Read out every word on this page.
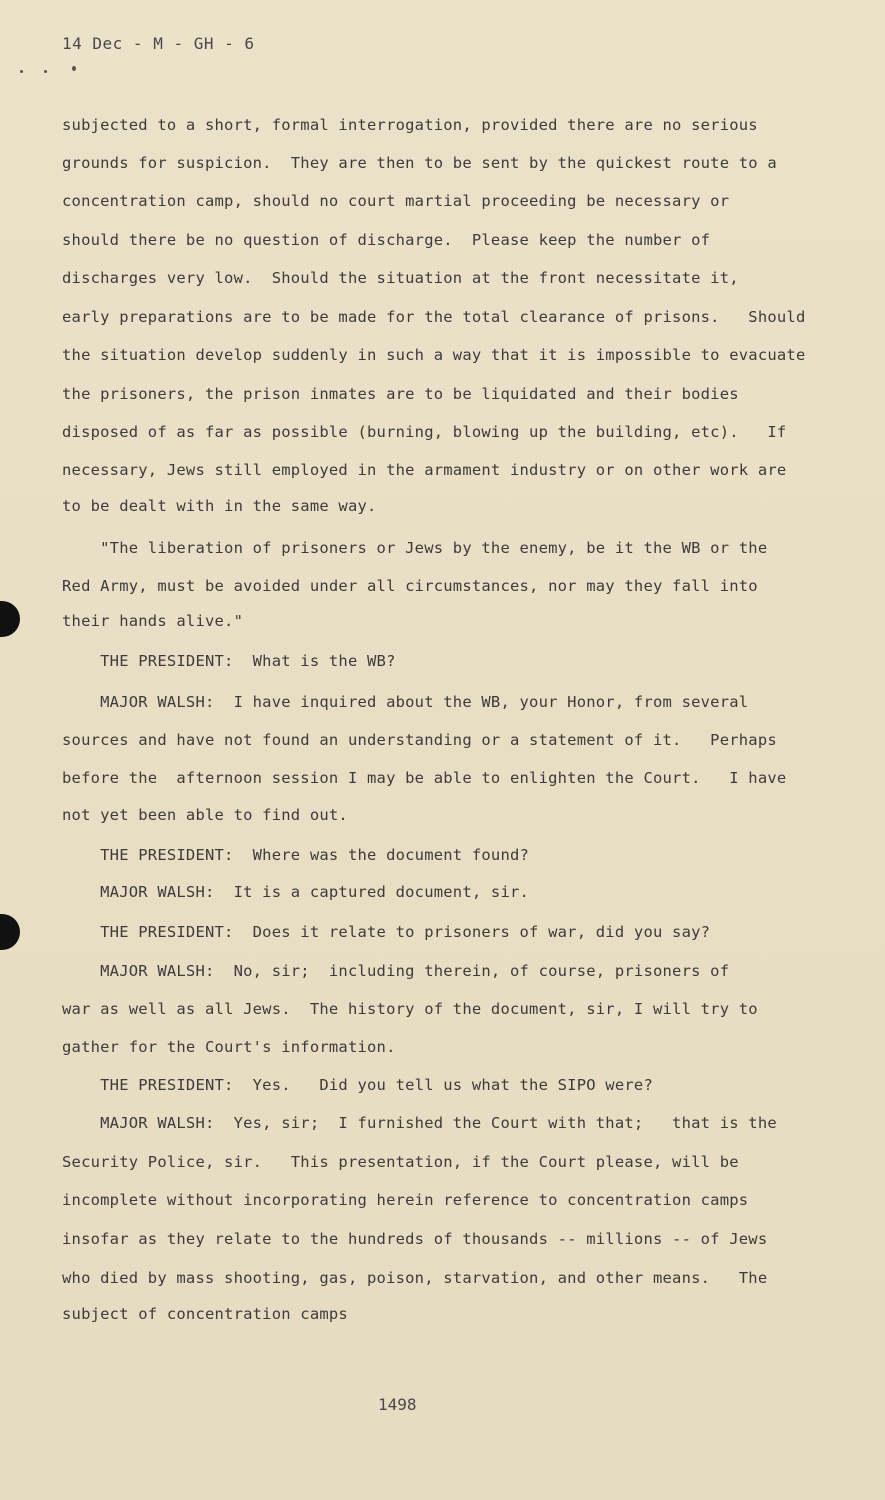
14 Dec - M - GH - 6
subjected to a short, formal interrogation, provided there are no serious
grounds for suspicion.  They are then to be sent by the quickest route to a
concentration camp, should no court martial proceeding be necessary or
should there be no question of discharge.  Please keep the number of
discharges very low.  Should the situation at the front necessitate it,
early preparations are to be made for the total clearance of prisons.   Should
the situation develop suddenly in such a way that it is impossible to evacuate
the prisoners, the prison inmates are to be liquidated and their bodies
disposed of as far as possible (burning, blowing up the building, etc).   If
necessary, Jews still employed in the armament industry or on other work are
to be dealt with in the same way.
"The liberation of prisoners or Jews by the enemy, be it the WB or the
Red Army, must be avoided under all circumstances, nor may they fall into
their hands alive."
THE PRESIDENT:  What is the WB?
MAJOR WALSH:  I have inquired about the WB, your Honor, from several
sources and have not found an understanding or a statement of it.   Perhaps
before the  afternoon session I may be able to enlighten the Court.   I have
not yet been able to find out.
THE PRESIDENT:  Where was the document found?
MAJOR WALSH:  It is a captured document, sir.
THE PRESIDENT:  Does it relate to prisoners of war, did you say?
MAJOR WALSH:  No, sir;  including therein, of course, prisoners of
war as well as all Jews.  The history of the document, sir, I will try to
gather for the Court's information.
THE PRESIDENT:  Yes.   Did you tell us what the SIPO were?
MAJOR WALSH:  Yes, sir;  I furnished the Court with that;   that is the
Security Police, sir.   This presentation, if the Court please, will be
incomplete without incorporating herein reference to concentration camps
insofar as they relate to the hundreds of thousands -- millions -- of Jews
who died by mass shooting, gas, poison, starvation, and other means.   The
subject of concentration camps
1498
